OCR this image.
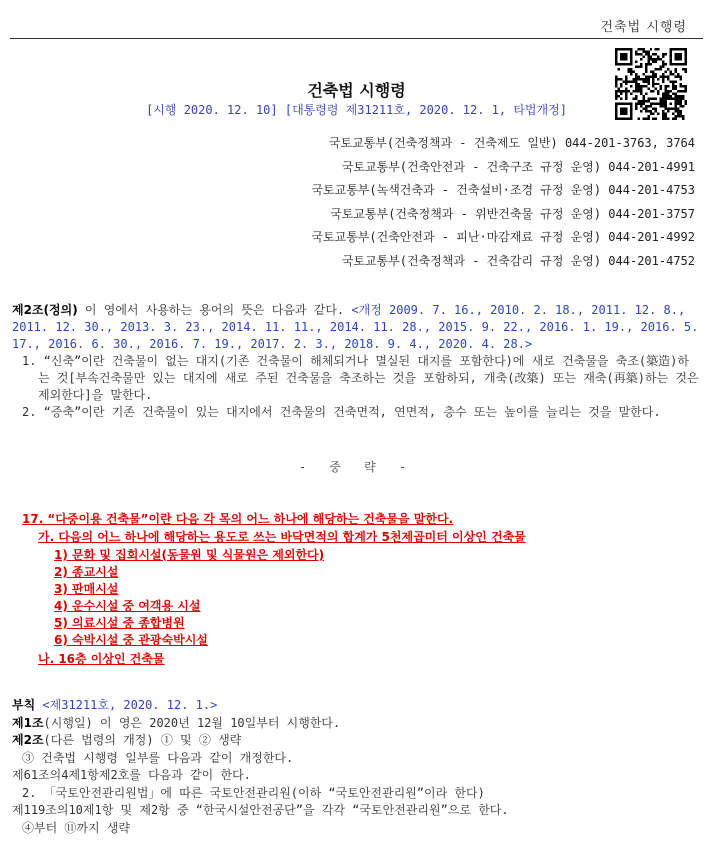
건축법 시행령
건축법 시행령
[시행 2020. 12. 10] [대통령령 제31211호, 2020. 12. 1, 타법개정]
국토교통부(건축정책과 - 건축제도 일반) 044-201-3763, 3764
국토교통부(건축안전과 - 건축구조 규정 운영) 044-201-4991
국토교통부(녹색건축과 - 건축설비·조경 규정 운영) 044-201-4753
국토교통부(건축정책과 - 위반건축물 규정 운영) 044-201-3757
국토교통부(건축안전과 - 피난·마감재료 규정 운영) 044-201-4992
국토교통부(건축정책과 - 건축감리 규정 운영) 044-201-4752
제2조(정의) 이 영에서 사용하는 용어의 뜻은 다음과 같다. <개정 2009. 7. 16., 2010. 2. 18., 2011. 12. 8., 2011. 12. 30., 2013. 3. 23., 2014. 11. 11., 2014. 11. 28., 2015. 9. 22., 2016. 1. 19., 2016. 5. 17., 2016. 6. 30., 2016. 7. 19., 2017. 2. 3., 2018. 9. 4., 2020. 4. 28.>
1. “신축”이란 건축물이 없는 대지(기존 건축물이 해체되거나 멸실된 대지를 포함한다)에 새로 건축물을 축조(築造)하는 것[부속건축물만 있는 대지에 새로 주된 건축물을 축조하는 것을 포함하되, 개축(改築) 또는 재축(再築)하는 것은 제외한다]을 말한다.
2. “증축”이란 기존 건축물이 있는 대지에서 건축물의 건축면적, 연면적, 층수 또는 높이를 늘리는 것을 말한다.
- 중 략 -
17. “다중이용 건축물”이란 다음 각 목의 어느 하나에 해당하는 건축물을 말한다.
가. 다음의 어느 하나에 해당하는 용도로 쓰는 바닥면적의 합계가 5천제곱미터 이상인 건축물
1) 문화 및 집회시설(동물원 및 식물원은 제외한다)
2) 종교시설
3) 판매시설
4) 운수시설 중 여객용 시설
5) 의료시설 중 종합병원
6) 숙박시설 중 관광숙박시설
나. 16층 이상인 건축물
부칙 <제31211호, 2020. 12. 1.>
제1조(시행일) 이 영은 2020년 12월 10일부터 시행한다.
제2조(다른 법령의 개정) ① 및 ② 생략
③ 건축법 시행령 일부를 다음과 같이 개정한다.
제61조의4제1항제2호를 다음과 같이 한다.
2. 「국토안전관리원법」에 따른 국토안전관리원(이하 “국토안전관리원”이라 한다)
제119조의10제1항 및 제2항 중 “한국시설안전공단”을 각각 “국토안전관리원”으로 한다.
④부터 ⑪까지 생략
